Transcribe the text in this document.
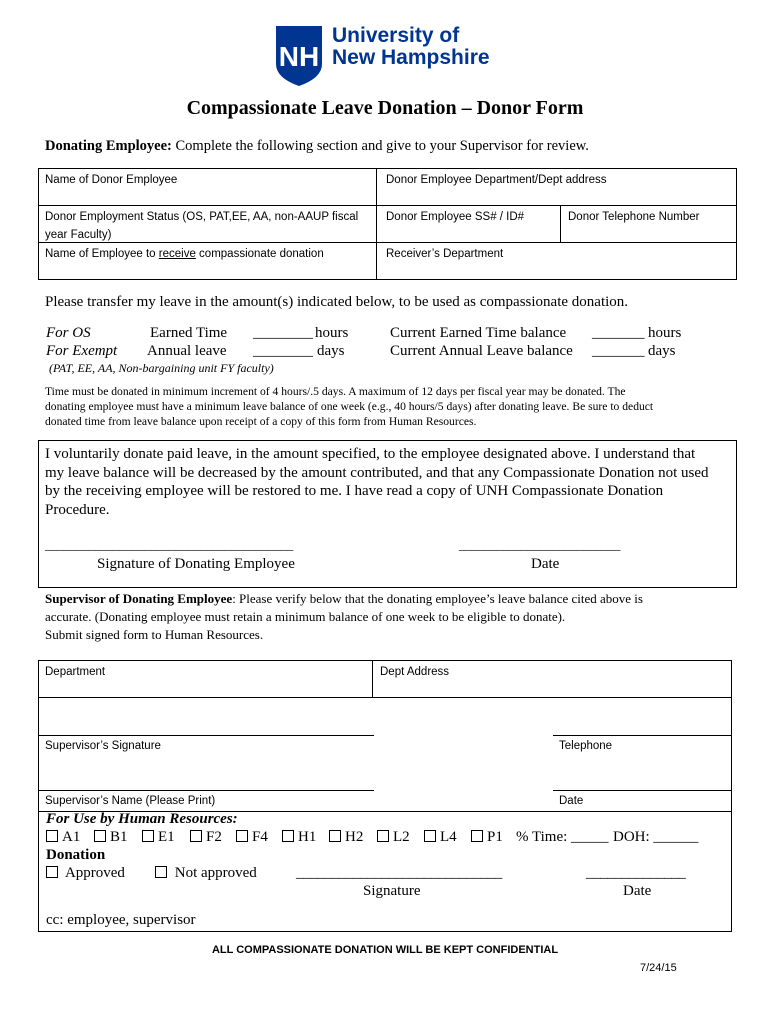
NH
University of
New Hampshire
Compassionate Leave Donation – Donor Form
Donating Employee: Complete the following section and give to your Supervisor for review.
Name of Donor Employee	Donor Employee Department/Dept address
Donor Employment Status (OS, PAT,EE, AA, non-AAUP fiscal
year Faculty)
Donor Employee SS# / ID#	Donor Telephone Number
Name of Employee to receive compassionate donation	Receiver’s Department
Please transfer my leave in the amount(s) indicated below, to be used as compassionate donation.
For OS	Earned Time ________ hours	Current Earned Time balance _______ hours
For Exempt Annual leave ________ days	Current Annual Leave balance _______ days
(PAT, EE, AA, Non-bargaining unit FY faculty)
Time must be donated in minimum increment of 4 hours/.5 days. A maximum of 12 days per fiscal year may be donated. The
donating employee must have a minimum leave balance of one week (e.g., 40 hours/5 days) after donating leave. Be sure to deduct
donated time from leave balance upon receipt of a copy of this form from Human Resources.
I voluntarily donate paid leave, in the amount specified, to the employee designated above. I understand that
my leave balance will be decreased by the amount contributed, and that any Compassionate Donation not used
by the receiving employee will be restored to me. I have read a copy of UNH Compassionate Donation
Procedure.
________________________________________	__________________________
Signature of Donating Employee	Date
Supervisor of Donating Employee: Please verify below that the donating employee’s leave balance cited above is
accurate. (Donating employee must retain a minimum balance of one week to be eligible to donate).
Submit signed form to Human Resources.
Department	Dept Address
Supervisor’s Signature	Telephone
Supervisor’s Name (Please Print)	Date
For Use by Human Resources:
A1	B1	E1	F2	F4	H1	H2	L2	L4	P1 % Time: _____ DOH: ______
Donation
Approved	Not approved	_____________________________	______________
Signature	Date
cc: employee, supervisor
ALL COMPASSIONATE DONATION WILL BE KEPT CONFIDENTIAL
7/24/15
